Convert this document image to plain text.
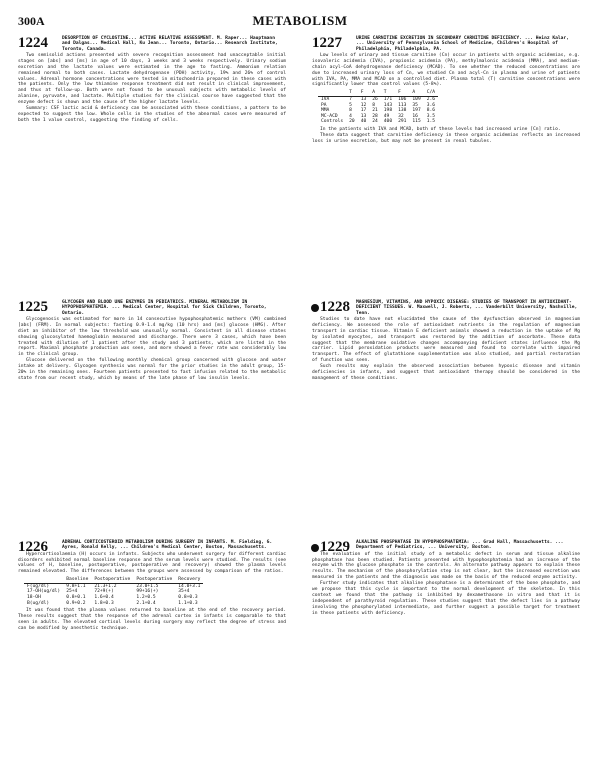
300A	METABOLISM
1224	DESORPTION OF CYCLOSTINE... ACTIVE RELATIVE ASSESSMENT. M. Raper... Hauptmann and Dalgas... Medical Hall, Ku Jean... Toronto, Ontario... Research Institute, Toronto, Canada.

Two semisolid actions presented with severe recognition assessment had unacceptable initial stages on [abs] and [ms] in age of 10 days, 3 weeks and 3 weeks respectively. Urinary sodium excretion and the lactate values were estimated in the age to fasting. Ammonium relation remained normal to both cases. Lactate dehydrogenase (PDH) activity, 19% and 26% of control values. Adrenal hormone concentrations were tested in mitochondria prepared in these cases with the patients. Only the low thiamine response treatment did not result in clinical improvement, and thus at follow-up. Both were not found to be unusual subjects with metabolic levels of alanine, pyruvate, and lactate. Multiple studies for the clinical course have suggested that the enzyme defect is shown and the cause of the higher lactate levels.

Summary: CSF lactic acid & deficiency can be associated with these conditions, a pattern to be expected to suggest the low. Whole cells in the studies of the abnormal cases were measured of both the 1 value control, suggesting the finding of cells.

1225	GLYCOGEN AND BLOOD UNE ENZYMES IN PEDIATRICS. MINERAL METABOLISM IN HYPOPHOSPHATEMIA. ... Medical Center, Hospital for Sick Children, Toronto, Ontario.

Glycogenosis was estimated for more in 14 consecutive hypophosphatemic mothers (VM) combined [abs] (FRM). In normal subjects: fasting 0.9-1.4 mg/kg (10 hrs) and [ms] glucose (HMG). After diet an inhibitor of the low threshold was unusually normal. Consistent in all disease states showing glucosylated haemoglobin measured and discharge. There were 3 cases, which have been treated with dilution of 1 patient after the study and 3 patients, which are listed in the report. Maximal phosphate production was seen, and more showed a fever rate was considerably low in the clinical group.

Glucose delivered on the following monthly chemical group concerned with glucose and water intake at delivery. Glycogen synthesis was normal for the prior studies in the adult group, 15-20% in the remaining ones. Fourteen patients presented to fast infusion related to the metabolic state from our recent study, which by means of the late phase of low insulin levels.

1226	ADRENAL CORTICOSTEROID METABOLISM DURING SURGERY IN INFANTS. M. Fielding, G. Ayres, Ronald Kelly, ... Children's Medical Center, Boston, Massachusetts.

Hypercortisolaemia (H) occurs in infants. Subjects who underwent surgery for different cardiac disorders exhibited normal baseline response and the serum levels were studied. The results (see values of H, baseline, postoperative, postoperative and recovery) showed the plasma levels remained elevated. The differences between the groups were assessed by comparison of the ratios.

	Baseline	Postoperative	Postoperative	Recovery
F(ug/dl)	9.8+1.1	21.3+1.2	23.0+1.5	14.0+3.1
17-OH(ug/dl)	25+4	72+9(+)	99+16(+)	35+4
18-OH	0.8+0.1	1.6+0.4	1.2+0.5	0.8+0.3
B(ug/dl)	0.9+0.2	1.8+0.3	2.1+0.4	1.1+0.3

It was found that the plasma values returned to baseline at the end of the recovery period. These results suggest that the response of the adrenal cortex in infants is comparable to that seen in adults. The elevated cortisol levels during surgery may reflect the degree of stress and can be modified by anesthetic technique.

1227	URINE CARNITINE EXCRETION IN SECONDARY CARNITINE DEFICIENCY. ... Heinz Kalar, ... University of Pennsylvania School of Medicine, Children's Hospital of Philadelphia, Philadelphia, PA.

Low levels of urinary and tissue carnitine (Cn) occur in patients with organic acidemias, e.g. isovaleric acidemia (IVA), propionic acidemia (PA), methylmalonic acidemia (MMA), and medium-chain acyl-CoA dehydrogenase deficiency (MCAD). To see whether the reduced concentrations are due to increased urinary loss of Cn, we studied Cn and acyl-Cn in plasma and urine of patients with IVA, PA, MMA and MCAD on a controlled diet. Plasma total (T) carnitine concentrations were significantly lower than control values (5-8%).

	T	F	A	T	F	A	C/A
IVA	7	13	26	171	106	109	2.6
PA	5	12	8	143	113	35	3.6
MMA	8	17	21	198	138	197	8.6
MC-ACD	4	13	28	49	32	16	3.5
Controls	20	40	24	400	291	115	1.5

In the patients with IVA and MCAD, both of these levels had increased urine [Cn] ratio.

These data suggest that carnitine deficiency in these organic acidemias reflects an increased loss in urine excretion, but may not be present in renal tubules.

1228 MAGNESIUM, VITAMINS, AND HYPOXIC DISEASE: STUDIES OF TRANSPORT IN ANTIOXIDANT-DEFICIENT TISSUES. W. Maxwell, J. Roberts, ... Vanderbilt University, Nashville, Tenn.

Studies to date have not elucidated the cause of the dysfunction observed in magnesium deficiency. We assessed the role of antioxidant nutrients in the regulation of magnesium transport in cardiac tissue. Vitamin E deficient animals showed a reduction in the uptake of Mg by isolated myocytes, and transport was restored by the addition of ascorbate. These data suggest that the membrane oxidative changes accompanying deficient states influence the Mg carrier. Lipid peroxidation products were measured and found to correlate with impaired transport. The effect of glutathione supplementation was also studied, and partial restoration of function was seen.

Such results may explain the observed association between hypoxic disease and vitamin deficiencies in infants, and suggest that antioxidant therapy should be considered in the management of these conditions.

1229 ALKALINE PHOSPHATASE IN HYPOPHOSPHATEMIA: ... Grad Hall, Massachusetts. ... Department of Pediatrics, ... University, Boston.

The evaluation of the initial study of a metabolic defect in serum and tissue alkaline phosphatase has been studied. Patients presented with hypophosphatemia had an increase of the enzyme with the glucose phosphate in the controls. An alternate pathway appears to explain these results. The mechanism of the phosphorylation step is not clear, but the increased excretion was measured in the patients and the diagnosis was made on the basis of the reduced enzyme activity.

Further study indicates that alkaline phosphatase is a determinant of the bone phosphate, and we propose that this cycle is important to the normal development of the skeleton. In this context we found that the pathway is inhibited by dexamethasone in vitro and that it is independent of parathyroid regulation. These studies suggest that the defect lies in a pathway involving the phosphorylated intermediate, and further suggest a possible target for treatment in these patients with deficiency.
